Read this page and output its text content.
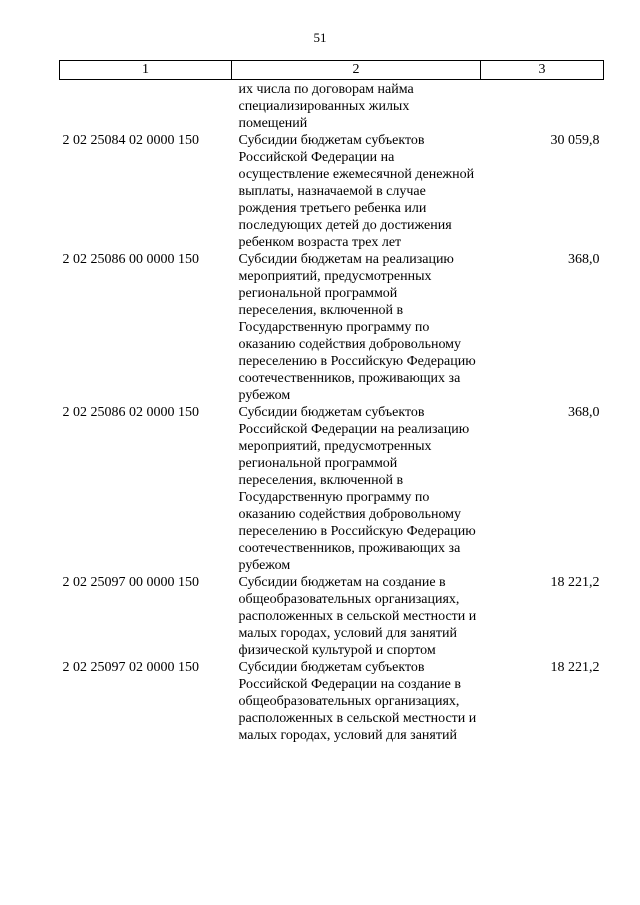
51
1	2	3
	их числа по договорам найма специализированных жилых помещений	
2 02 25084 02 0000 150	Субсидии бюджетам субъектов Российской Федерации на осуществление ежемесячной денежной выплаты, назначаемой в случае рождения третьего ребенка или последующих детей до достижения ребенком возраста трех лет	30 059,8
2 02 25086 00 0000 150	Субсидии бюджетам на реализацию мероприятий, предусмотренных региональной программой переселения, включенной в Государственную программу по оказанию содействия добровольному переселению в Российскую Федерацию соотечественников, проживающих за рубежом	368,0
2 02 25086 02 0000 150	Субсидии бюджетам субъектов Российской Федерации на реализацию мероприятий, предусмотренных региональной программой переселения, включенной в Государственную программу по оказанию содействия добровольному переселению в Российскую Федерацию соотечественников, проживающих за рубежом	368,0
2 02 25097 00 0000 150	Субсидии бюджетам на создание в общеобразовательных организациях, расположенных в сельской местности и малых городах, условий для занятий физической культурой и спортом	18 221,2
2 02 25097 02 0000 150	Субсидии бюджетам субъектов Российской Федерации на создание в общеобразовательных организациях, расположенных в сельской местности и малых городах, условий для занятий	18 221,2
